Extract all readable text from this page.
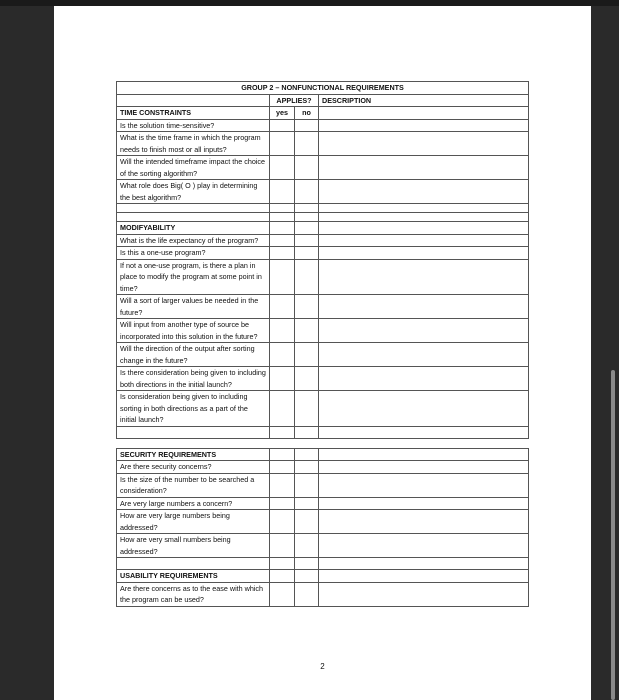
GROUP 2 – NONFUNCTIONAL REQUIREMENTS			
	APPLIES?		DESCRIPTION
TIME CONSTRAINTS	yes	no	
Is the solution time-sensitive?			
What is the time frame in which the program needs to finish most or all inputs?			
Will the intended timeframe impact the choice of the sorting algorithm?			
What role does Big( O ) play in determining the best algorithm?			

MODIFYABILITY			
What is the life expectancy of the program?			
Is this a one-use program?			
If not a one-use program, is there a plan in place to modify the program at some point in time?			
Will a sort of larger values be needed in the future?			
Will input from another type of source be incorporated into this solution in the future?			
Will the direction of the output after sorting change in the future?			
Is there consideration being given to including both directions in the initial launch?			
Is consideration being given to including sorting in both directions as a part of the initial launch?			

SECURITY REQUIREMENTS			
Are there security concerns?			
Is the size of the number to be searched a consideration?			
Are very large numbers a concern?			
How are very large numbers being addressed?			
How are very small numbers being addressed?			

USABILITY REQUIREMENTS			
Are there concerns as to the ease with which the program can be used?			
2
